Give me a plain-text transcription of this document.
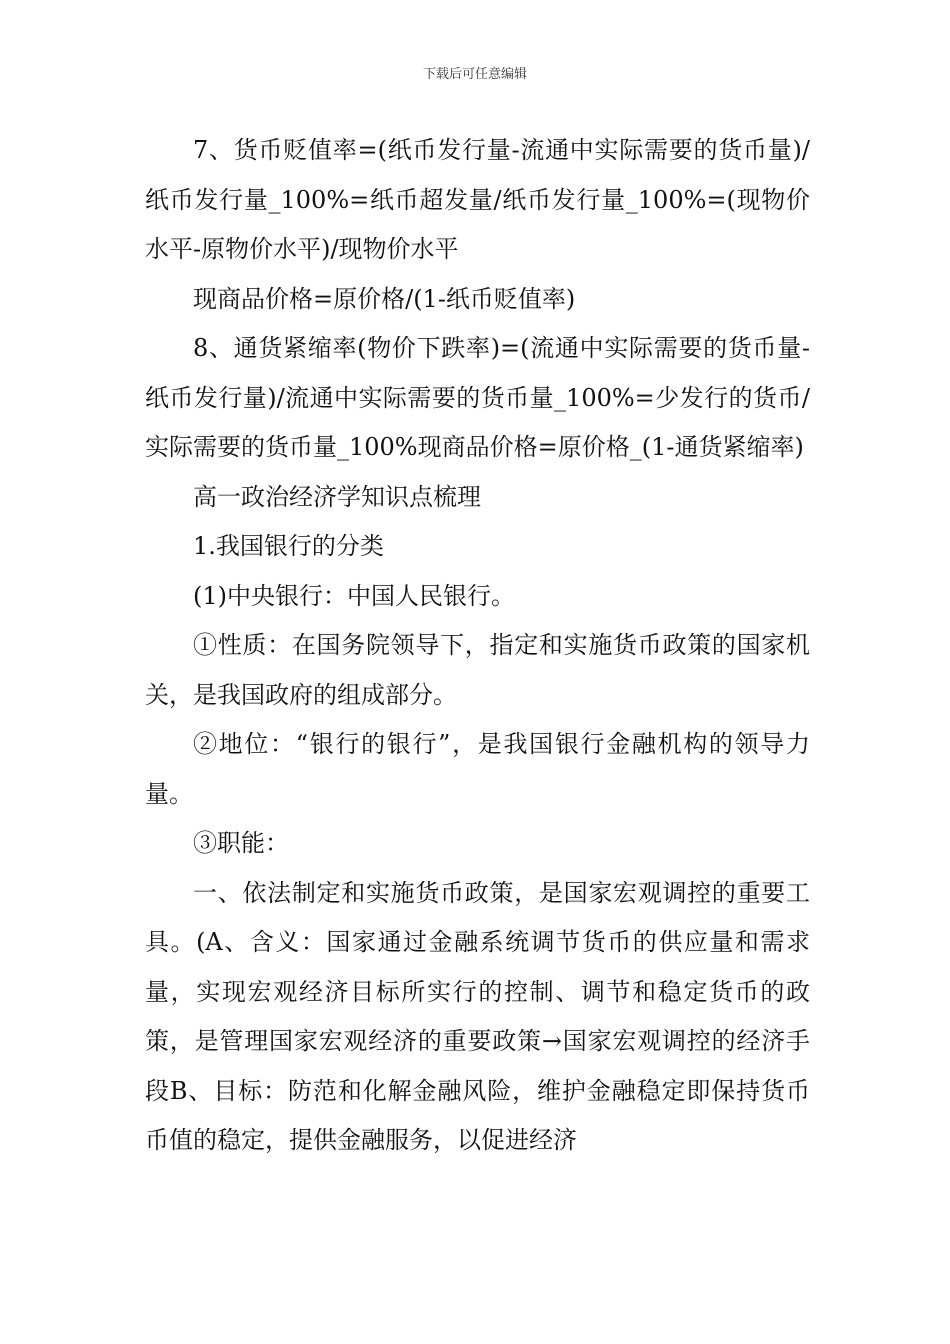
下载后可任意编辑

7、货币贬值率=(纸币发行量-流通中实际需要的货币量)/纸币发行量_100%=纸币超发量/纸币发行量_100%=(现物价水平-原物价水平)/现物价水平

现商品价格=原价格/(1-纸币贬值率)

8、通货紧缩率(物价下跌率)=(流通中实际需要的货币量-纸币发行量)/流通中实际需要的货币量_100%=少发行的货币/实际需要的货币量_100%现商品价格=原价格_(1-通货紧缩率)

高一政治经济学知识点梳理

1.我国银行的分类

(1)中央银行：中国人民银行。

①性质：在国务院领导下，指定和实施货币政策的国家机关，是我国政府的组成部分。

②地位：“银行的银行”，是我国银行金融机构的领导力量。

③职能：

一、依法制定和实施货币政策，是国家宏观调控的重要工具。(A、含义：国家通过金融系统调节货币的供应量和需求量，实现宏观经济目标所实行的控制、调节和稳定货币的政策，是管理国家宏观经济的重要政策→国家宏观调控的经济手段B、目标：防范和化解金融风险，维护金融稳定即保持货币币值的稳定，提供金融服务，以促进经济
